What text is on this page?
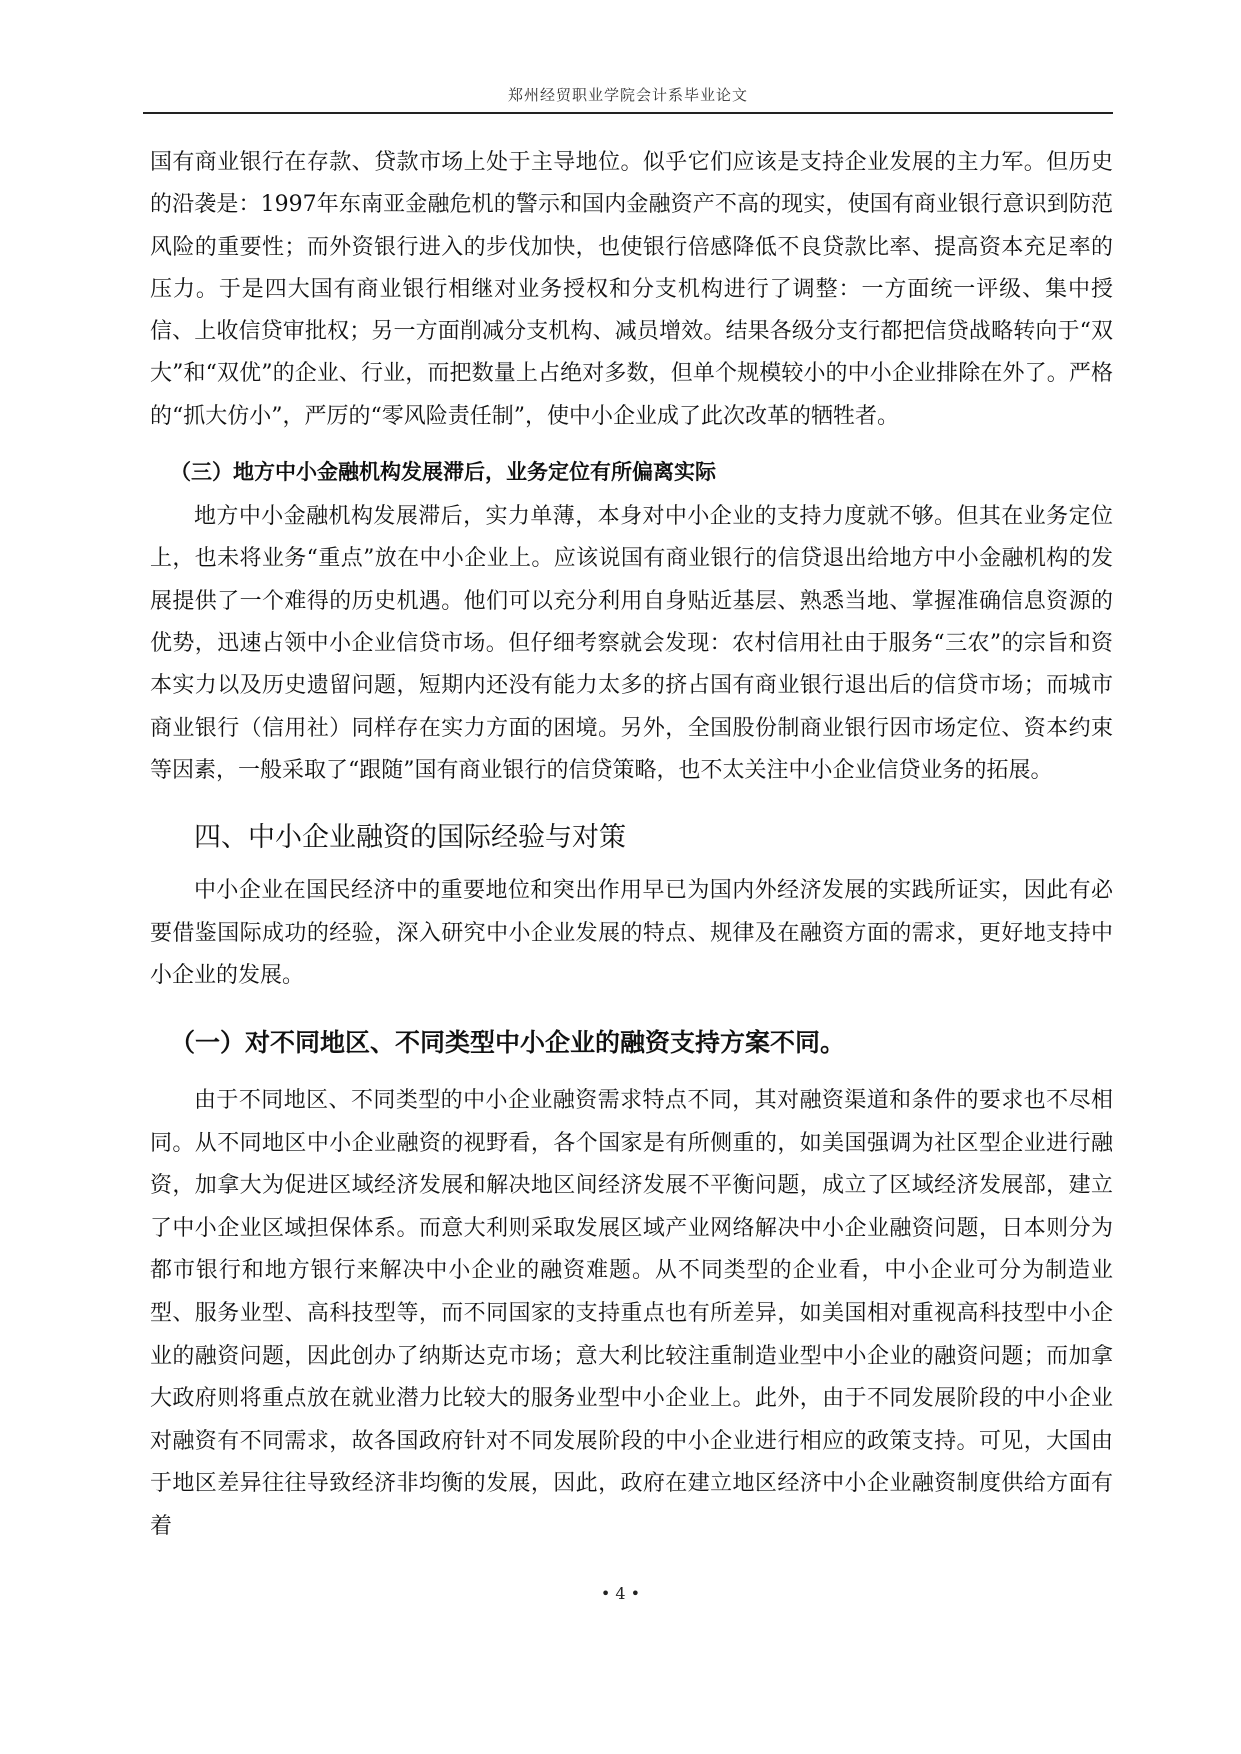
郑州经贸职业学院会计系毕业论文

国有商业银行在存款、贷款市场上处于主导地位。似乎它们应该是支持企业发展的主力军。但历史的沿袭是：1997年东南亚金融危机的警示和国内金融资产不高的现实，使国有商业银行意识到防范风险的重要性；而外资银行进入的步伐加快，也使银行倍感降低不良贷款比率、提高资本充足率的压力。于是四大国有商业银行相继对业务授权和分支机构进行了调整：一方面统一评级、集中授信、上收信贷审批权；另一方面削减分支机构、减员增效。结果各级分支行都把信贷战略转向于“双大”和“双优”的企业、行业，而把数量上占绝对多数，但单个规模较小的中小企业排除在外了。严格的“抓大仿小”，严厉的“零风险责任制”，使中小企业成了此次改革的牺牲者。

（三）地方中小金融机构发展滞后，业务定位有所偏离实际

地方中小金融机构发展滞后，实力单薄，本身对中小企业的支持力度就不够。但其在业务定位上，也未将业务“重点”放在中小企业上。应该说国有商业银行的信贷退出给地方中小金融机构的发展提供了一个难得的历史机遇。他们可以充分利用自身贴近基层、熟悉当地、掌握准确信息资源的优势，迅速占领中小企业信贷市场。但仔细考察就会发现：农村信用社由于服务“三农”的宗旨和资本实力以及历史遗留问题，短期内还没有能力太多的挤占国有商业银行退出后的信贷市场；而城市商业银行（信用社）同样存在实力方面的困境。另外，全国股份制商业银行因市场定位、资本约束等因素，一般采取了“跟随”国有商业银行的信贷策略，也不太关注中小企业信贷业务的拓展。

四、中小企业融资的国际经验与对策

中小企业在国民经济中的重要地位和突出作用早已为国内外经济发展的实践所证实，因此有必要借鉴国际成功的经验，深入研究中小企业发展的特点、规律及在融资方面的需求，更好地支持中小企业的发展。

（一）对不同地区、不同类型中小企业的融资支持方案不同。

由于不同地区、不同类型的中小企业融资需求特点不同，其对融资渠道和条件的要求也不尽相同。从不同地区中小企业融资的视野看，各个国家是有所侧重的，如美国强调为社区型企业进行融资，加拿大为促进区域经济发展和解决地区间经济发展不平衡问题，成立了区域经济发展部，建立了中小企业区域担保体系。而意大利则采取发展区域产业网络解决中小企业融资问题，日本则分为都市银行和地方银行来解决中小企业的融资难题。从不同类型的企业看，中小企业可分为制造业型、服务业型、高科技型等，而不同国家的支持重点也有所差异，如美国相对重视高科技型中小企业的融资问题，因此创办了纳斯达克市场；意大利比较注重制造业型中小企业的融资问题；而加拿大政府则将重点放在就业潜力比较大的服务业型中小企业上。此外，由于不同发展阶段的中小企业对融资有不同需求，故各国政府针对不同发展阶段的中小企业进行相应的政策支持。可见，大国由于地区差异往往导致经济非均衡的发展，因此，政府在建立地区经济中小企业融资制度供给方面有着

• 4 •
